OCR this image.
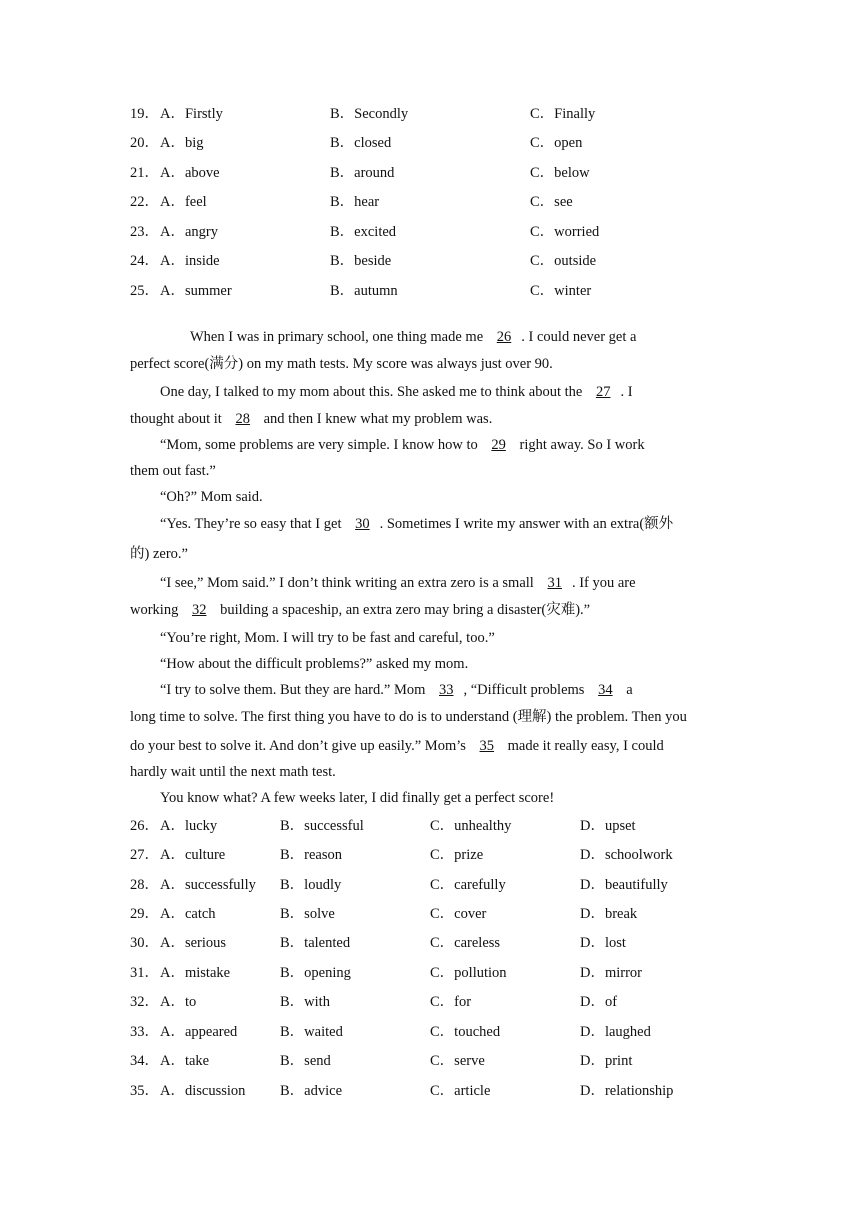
19． A．Firstly	B．Secondly	C．Finally
20． A．big	B．closed	C．open
21． A．above	B．around	C．below
22． A．feel	B．hear	C．see
23． A．angry	B．excited	C．worried
24． A．inside	B．beside	C．outside
25． A．summer	B．autumn	C．winter
When I was in primary school, one thing made me 26 . I could never get a
perfect score(满分) on my math tests. My score was always just over 90.
One day, I talked to my mom about this. She asked me to think about the 27 . I
thought about it 28 and then I knew what my problem was.
“Mom, some problems are very simple. I know how to 29 right away. So I work
them out fast.”
“Oh?” Mom said.
“Yes. They’re so easy that I get 30 . Sometimes I write my answer with an extra(额外
的) zero.”
“I see,” Mom said.” I don’t think writing an extra zero is a small 31 . If you are
working 32 building a spaceship, an extra zero may bring a disaster(灾难).”
“You’re right, Mom. I will try to be fast and careful, too.”
“How about the difficult problems?” asked my mom.
“I try to solve them. But they are hard.” Mom 33 , “Difficult problems 34 a
long time to solve. The first thing you have to do is to understand (理解) the problem. Then you
do your best to solve it. And don’t give up easily.” Mom’s 35 made it really easy, I could
hardly wait until the next math test.
You know what? A few weeks later, I did finally get a perfect score!
26． A．lucky	B．successful	C．unhealthy	D．upset
27． A．culture	B．reason	C．prize	D．schoolwork
28． A．successfully B．loudly	C．carefully	D．beautifully
29． A．catch	B．solve	C．cover	D．break
30． A．serious	B．talented	C．careless	D．lost
31． A．mistake	B．opening	C．pollution	D．mirror
32． A．to	B．with	C．for	D．of
33． A．appeared	B．waited	C．touched	D．laughed
34． A．take	B．send	C．serve	D．print
35． A．discussion B．advice	C．article	D．relationship
